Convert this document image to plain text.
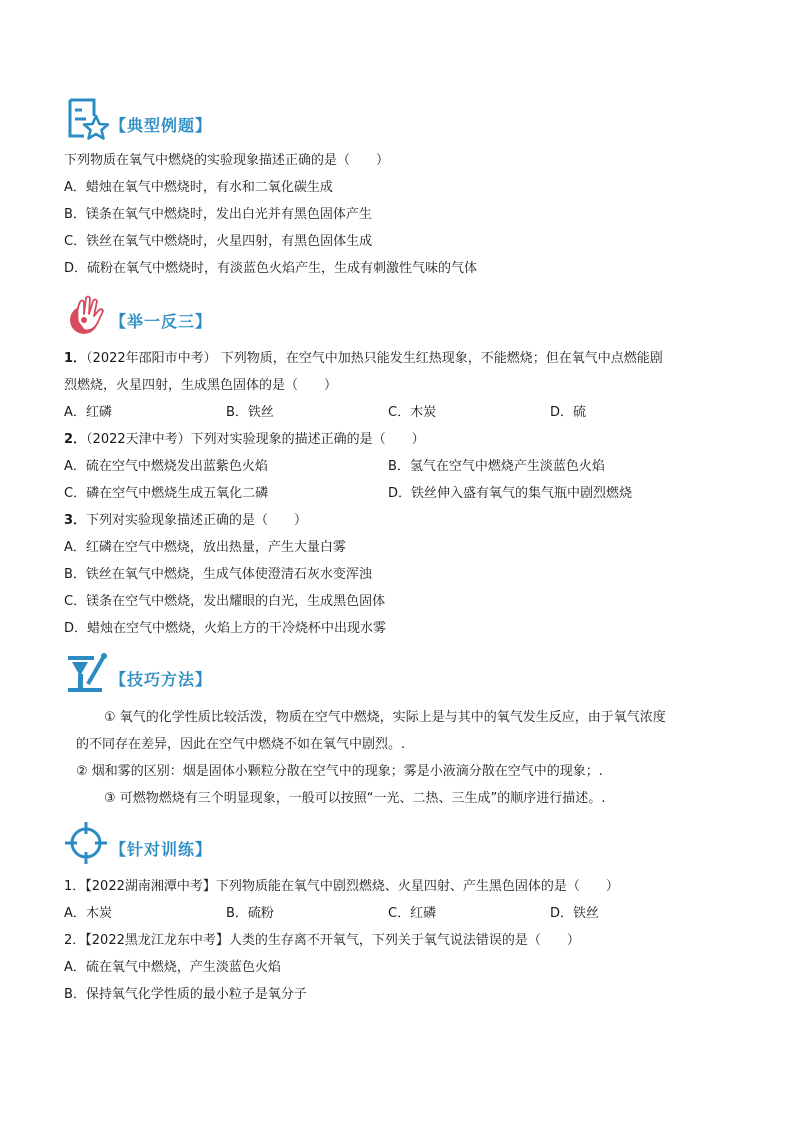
【典型例题】
下列物质在氧气中燃烧的实验现象描述正确的是（　　）
A．蜡烛在氧气中燃烧时，有水和二氧化碳生成
B．镁条在氧气中燃烧时，发出白光并有黑色固体产生
C．铁丝在氧气中燃烧时，火星四射，有黑色固体生成
D．硫粉在氧气中燃烧时，有淡蓝色火焰产生，生成有刺激性气味的气体
【举一反三】
1．（2022年邵阳市中考） 下列物质，在空气中加热只能发生红热现象，不能燃烧；但在氧气中点燃能剧
烈燃烧，火星四射，生成黑色固体的是（　　）
A．红磷	B．铁丝	C．木炭	D．硫
2．（2022天津中考）下列对实验现象的描述正确的是（　　）
A．硫在空气中燃烧发出蓝紫色火焰	B．氢气在空气中燃烧产生淡蓝色火焰
C．磷在空气中燃烧生成五氧化二磷	D．铁丝伸入盛有氧气的集气瓶中剧烈燃烧
3．下列对实验现象描述正确的是（　　）
A．红磷在空气中燃烧，放出热量，产生大量白雾
B．铁丝在氧气中燃烧，生成气体使澄清石灰水变浑浊
C．镁条在空气中燃烧，发出耀眼的白光，生成黑色固体
D．蜡烛在空气中燃烧，火焰上方的干冷烧杯中出现水雾
【技巧方法】
① 氧气的化学性质比较活泼，物质在空气中燃烧，实际上是与其中的氧气发生反应，由于氧气浓度
的不同存在差异，因此在空气中燃烧不如在氧气中剧烈。.
② 烟和雾的区别：烟是固体小颗粒分散在空气中的现象；雾是小液滴分散在空气中的现象；.
③ 可燃物燃烧有三个明显现象，一般可以按照“一光、二热、三生成”的顺序进行描述。.
【针对训练】
1．【2022湖南湘潭中考】下列物质能在氧气中剧烈燃烧、火星四射、产生黑色固体的是（　　）
A．木炭	B．硫粉	C．红磷	D．铁丝
2．【2022黑龙江龙东中考】人类的生存离不开氧气，下列关于氧气说法错误的是（　　）
A．硫在氧气中燃烧，产生淡蓝色火焰
B．保持氧气化学性质的最小粒子是氧分子
